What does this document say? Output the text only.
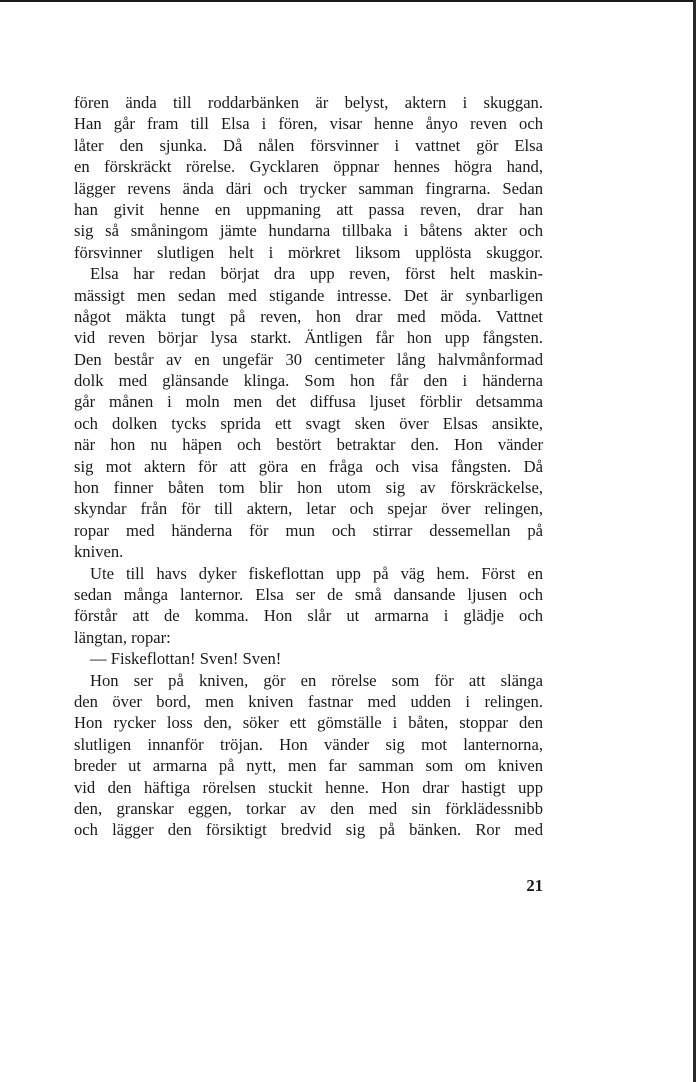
fören ända till roddarbänken är belyst, aktern i skuggan.
Han går fram till Elsa i fören, visar henne ånyo reven och
låter den sjunka. Då nålen försvinner i vattnet gör Elsa
en förskräckt rörelse. Gycklaren öppnar hennes högra hand,
lägger revens ända däri och trycker samman fingrarna. Sedan
han givit henne en uppmaning att passa reven, drar han
sig så småningom jämte hundarna tillbaka i båtens akter och
försvinner slutligen helt i mörkret liksom upplösta skuggor.
Elsa har redan börjat dra upp reven, först helt maskin-
mässigt men sedan med stigande intresse. Det är synbarligen
något mäkta tungt på reven, hon drar med möda. Vattnet
vid reven börjar lysa starkt. Äntligen får hon upp fångsten.
Den består av en ungefär 30 centimeter lång halvmånformad
dolk med glänsande klinga. Som hon får den i händerna
går månen i moln men det diffusa ljuset förblir detsamma
och dolken tycks sprida ett svagt sken över Elsas ansikte,
när hon nu häpen och bestört betraktar den. Hon vänder
sig mot aktern för att göra en fråga och visa fångsten. Då
hon finner båten tom blir hon utom sig av förskräckelse,
skyndar från för till aktern, letar och spejar över relingen,
ropar med händerna för mun och stirrar dessemellan på
kniven.
Ute till havs dyker fiskeflottan upp på väg hem. Först en
sedan många lanternor. Elsa ser de små dansande ljusen och
förstår att de komma. Hon slår ut armarna i glädje och
längtan, ropar:
— Fiskeflottan! Sven! Sven!
Hon ser på kniven, gör en rörelse som för att slänga
den över bord, men kniven fastnar med udden i relingen.
Hon rycker loss den, söker ett gömställe i båten, stoppar den
slutligen innanför tröjan. Hon vänder sig mot lanternorna,
breder ut armarna på nytt, men far samman som om kniven
vid den häftiga rörelsen stuckit henne. Hon drar hastigt upp
den, granskar eggen, torkar av den med sin förklädessnibb
och lägger den försiktigt bredvid sig på bänken. Ror med
21
